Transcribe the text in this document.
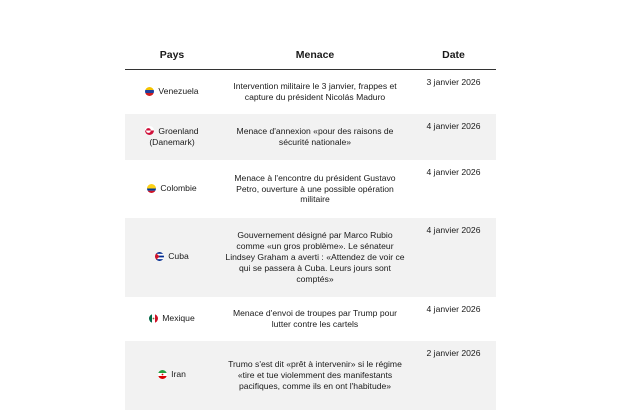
Pays	Menace	Date

Venezuela	Intervention militaire le 3 janvier, frappes et capture du président Nicolás Maduro	3 janvier 2026

Groenland (Danemark)	Menace d'annexion «pour des raisons de sécurité nationale»	4 janvier 2026

Colombie	Menace à l'encontre du président Gustavo Petro, ouverture à une possible opération militaire	4 janvier 2026

Cuba	Gouvernement désigné par Marco Rubio comme «un gros problème». Le sénateur Lindsey Graham a averti : «Attendez de voir ce qui se passera à Cuba. Leurs jours sont comptés»	4 janvier 2026

Mexique	Menace d'envoi de troupes par Trump pour lutter contre les cartels	4 janvier 2026

Iran	Trumo s'est dit «prêt à intervenir» si le régime «tire et tue violemment des manifestants pacifiques, comme ils en ont l'habitude»	2 janvier 2026
